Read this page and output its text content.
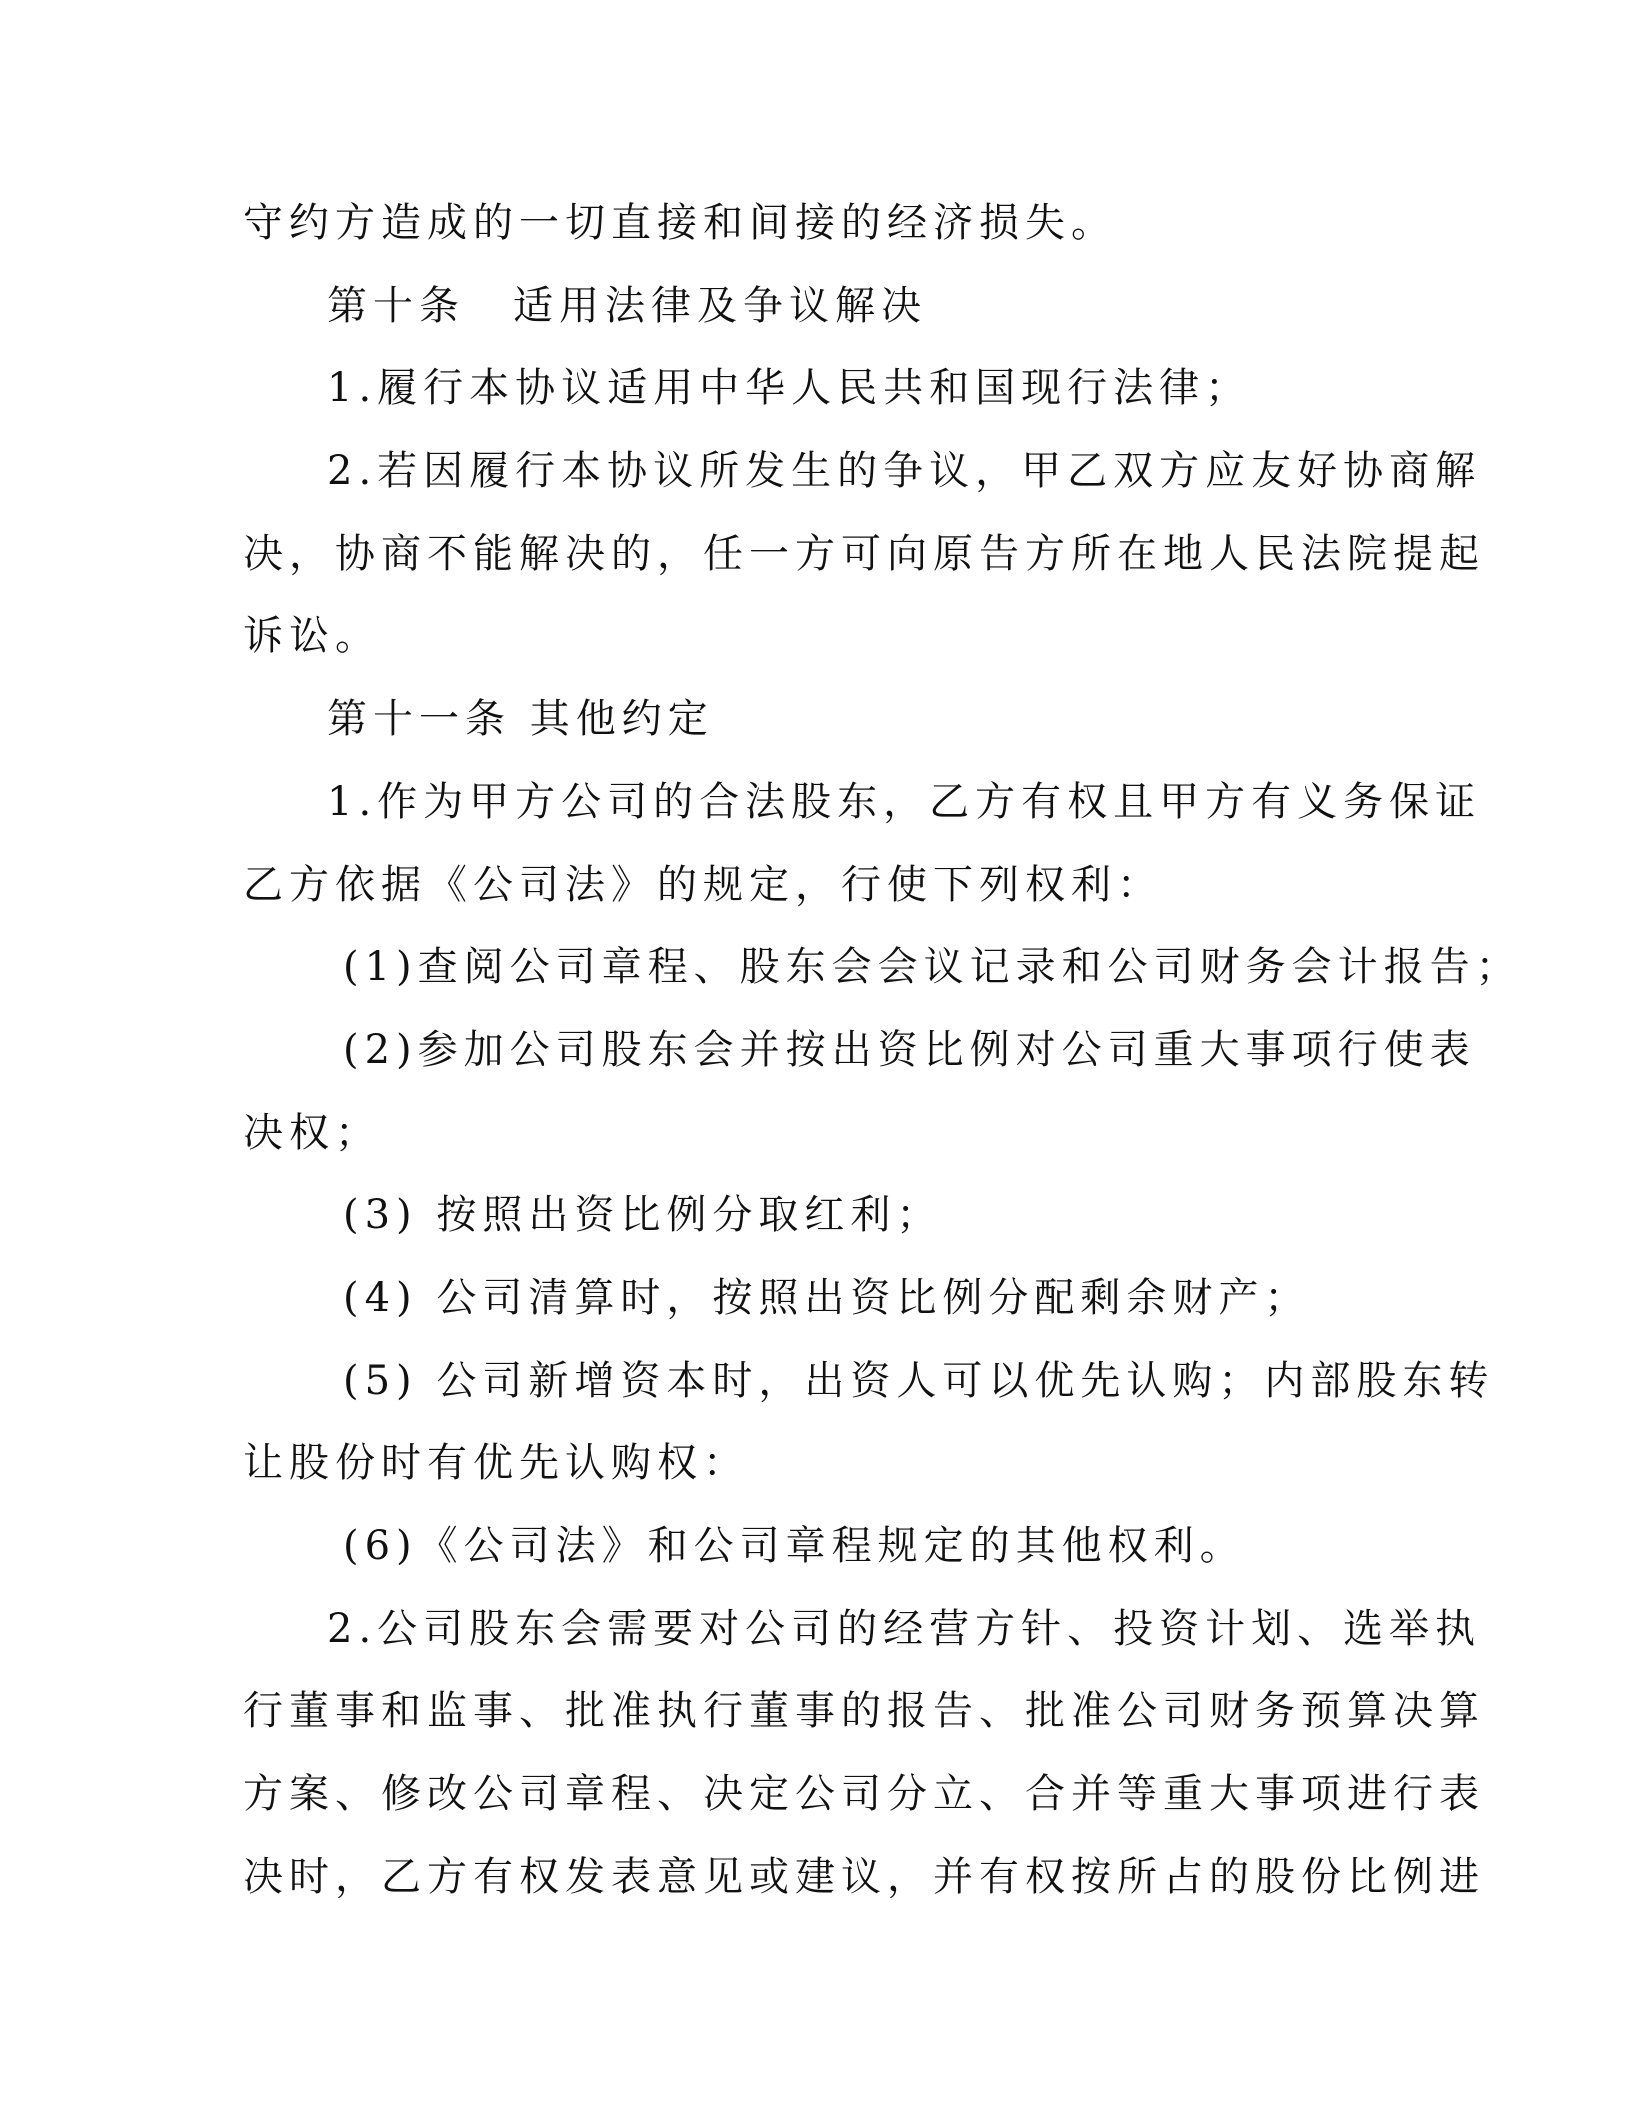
守约方造成的一切直接和间接的经济损失。
第十条 适用法律及争议解决
1.履行本协议适用中华人民共和国现行法律；
2.若因履行本协议所发生的争议，甲乙双方应友好协商解
决，协商不能解决的，任一方可向原告方所在地人民法院提起
诉讼。
第十一条 其他约定
1.作为甲方公司的合法股东，乙方有权且甲方有义务保证
乙方依据《公司法》的规定，行使下列权利：
(1)查阅公司章程、股东会会议记录和公司财务会计报告；
(2)参加公司股东会并按出资比例对公司重大事项行使表
决权；
(3) 按照出资比例分取红利；
(4) 公司清算时，按照出资比例分配剩余财产；
(5) 公司新增资本时，出资人可以优先认购；内部股东转
让股份时有优先认购权：
(6)《公司法》和公司章程规定的其他权利。
2.公司股东会需要对公司的经营方针、投资计划、选举执
行董事和监事、批准执行董事的报告、批准公司财务预算决算
方案、修改公司章程、决定公司分立、合并等重大事项进行表
决时，乙方有权发表意见或建议，并有权按所占的股份比例进
